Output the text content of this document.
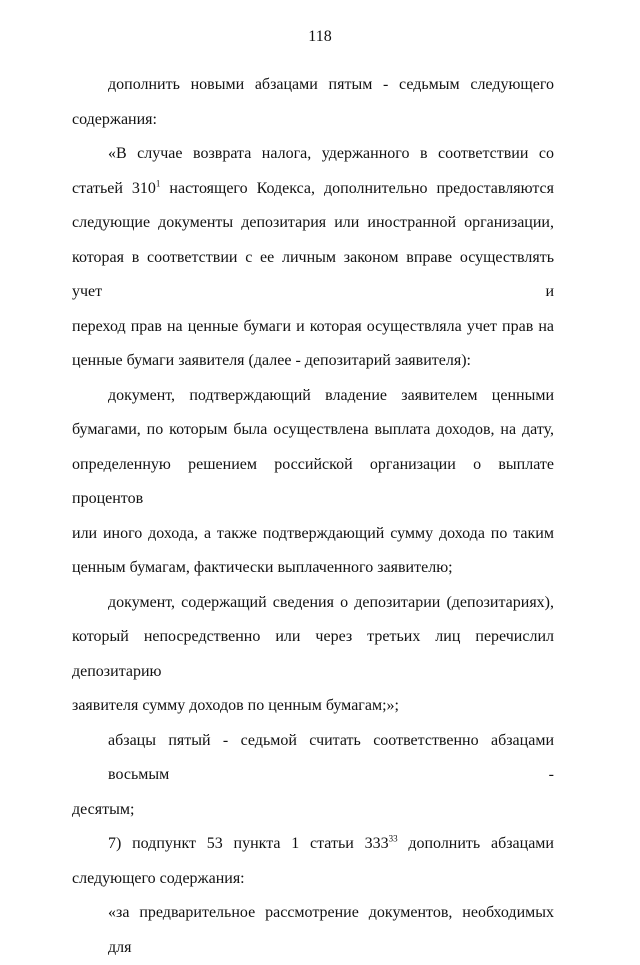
118
дополнить новыми абзацами пятым - седьмым следующего
содержания:
«В случае возврата налога, удержанного в соответствии со
статьей $310^1$ настоящего Кодекса, дополнительно предоставляются
следующие документы депозитария или иностранной организации,
которая в соответствии с ее личным законом вправе осуществлять учет и
переход прав на ценные бумаги и которая осуществляла учет прав на
ценные бумаги заявителя (далее - депозитарий заявителя):
документ, подтверждающий владение заявителем ценными
бумагами, по которым была осуществлена выплата доходов, на дату,
определенную решением российской организации о выплате процентов
или иного дохода, а также подтверждающий сумму дохода по таким
ценным бумагам, фактически выплаченного заявителю;
документ, содержащий сведения о депозитарии (депозитариях),
который непосредственно или через третьих лиц перечислил депозитарию
заявителя сумму доходов по ценным бумагам;»;
абзацы пятый - седьмой считать соответственно абзацами восьмым -
десятым;
7) подпункт 53 пункта 1 статьи $333^{33}$ дополнить абзацами
следующего содержания:
«за предварительное рассмотрение документов, необходимых для
